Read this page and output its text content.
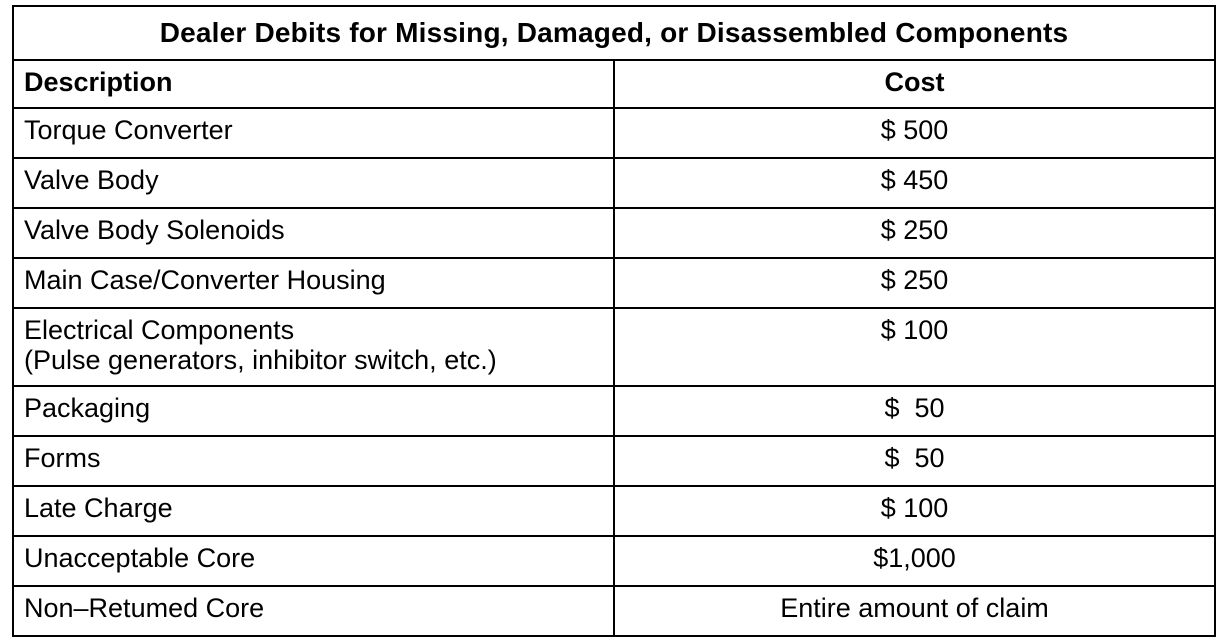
Dealer Debits for Missing, Damaged, or Disassembled Components	
Description	Cost
Torque Converter	$ 500
Valve Body	$ 450
Valve Body Solenoids	$ 250
Main Case/Converter Housing	$ 250

Electrical Components
(Pulse generators, inhibitor switch, etc.)	$ 100
Packaging	$  50
Forms	$  50
Late Charge	$ 100
Unacceptable Core	$1,000
Non–Retumed Core	Entire amount of claim
